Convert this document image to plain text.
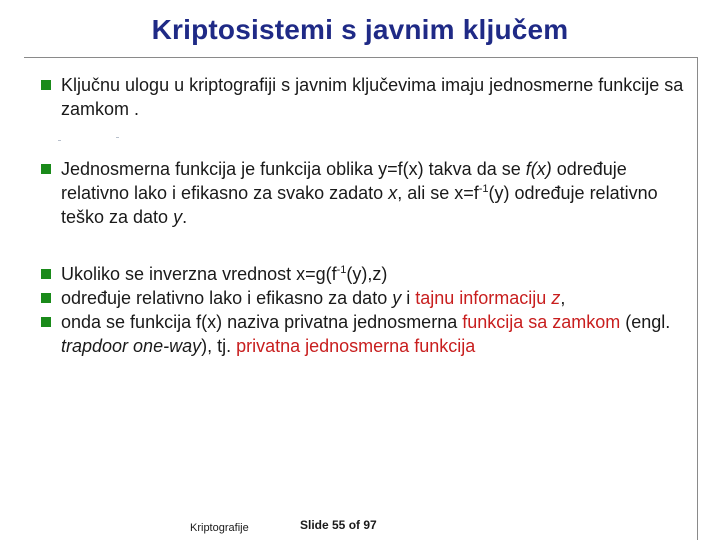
Kriptosistemi s javnim ključem
Ključnu ulogu u kriptografiji s javnim ključevima imaju jednosmerne funkcije sa zamkom .
Jednosmerna funkcija je funkcija oblika y=f(x) takva da se f(x) određuje relativno lako i efikasno za svako zadato x, ali se $x=f^{-1}(y)$ određuje relativno teško za dato y.
Ukoliko se inverzna vrednost $x=g(f^{-1}(y),z)$
određuje relativno lako i efikasno za dato y i tajnu informaciju z,
onda se funkcija f(x) naziva privatna jednosmerna funkcija sa zamkom (engl. trapdoor one-way), tj. privatna jednosmerna funkcija
Kriptografije	Slide 55 of 97
